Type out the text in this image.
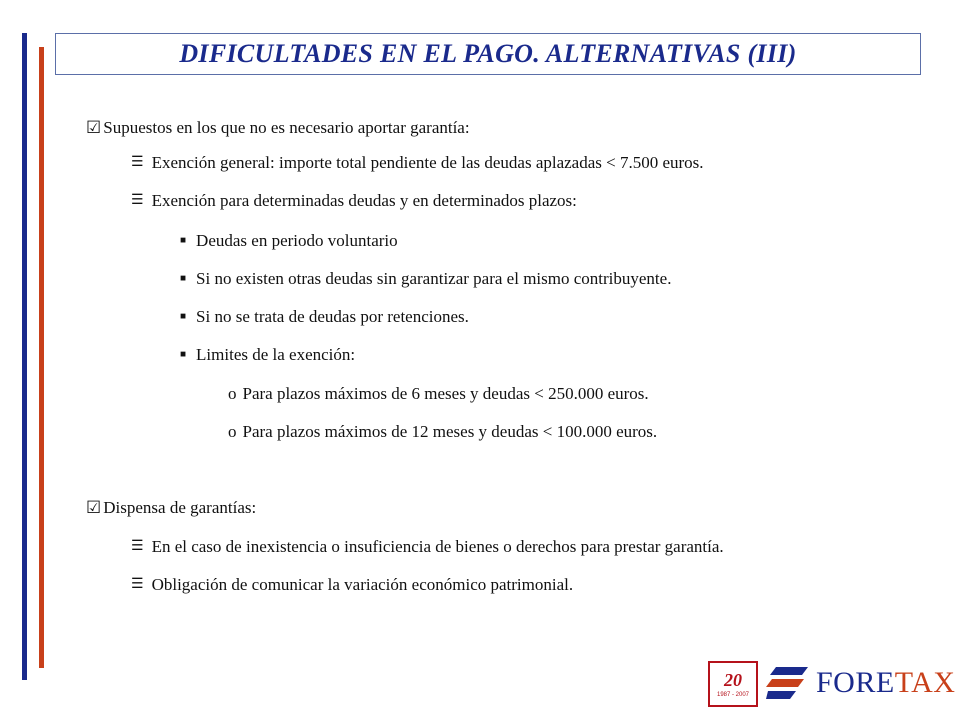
DIFICULTADES EN EL PAGO. ALTERNATIVAS (III)
☑ Supuestos en los que no es necesario aportar garantía:
☰ Exención general: importe total pendiente de las deudas aplazadas < 7.500 euros.
☰ Exención para determinadas deudas y en determinados plazos:
■ Deudas en periodo voluntario
■ Si no existen otras deudas sin garantizar para el mismo contribuyente.
■ Si no se trata de deudas por retenciones.
■ Limites de la exención:
o Para plazos máximos de 6 meses y deudas < 250.000 euros.
o Para plazos máximos de 12 meses y deudas < 100.000 euros.
☑ Dispensa de garantías:
☰ En el caso de inexistencia o insuficiencia de bienes o derechos para prestar garantía.
☰ Obligación de comunicar la variación económico patrimonial.
20
1987 - 2007 FORETAX
